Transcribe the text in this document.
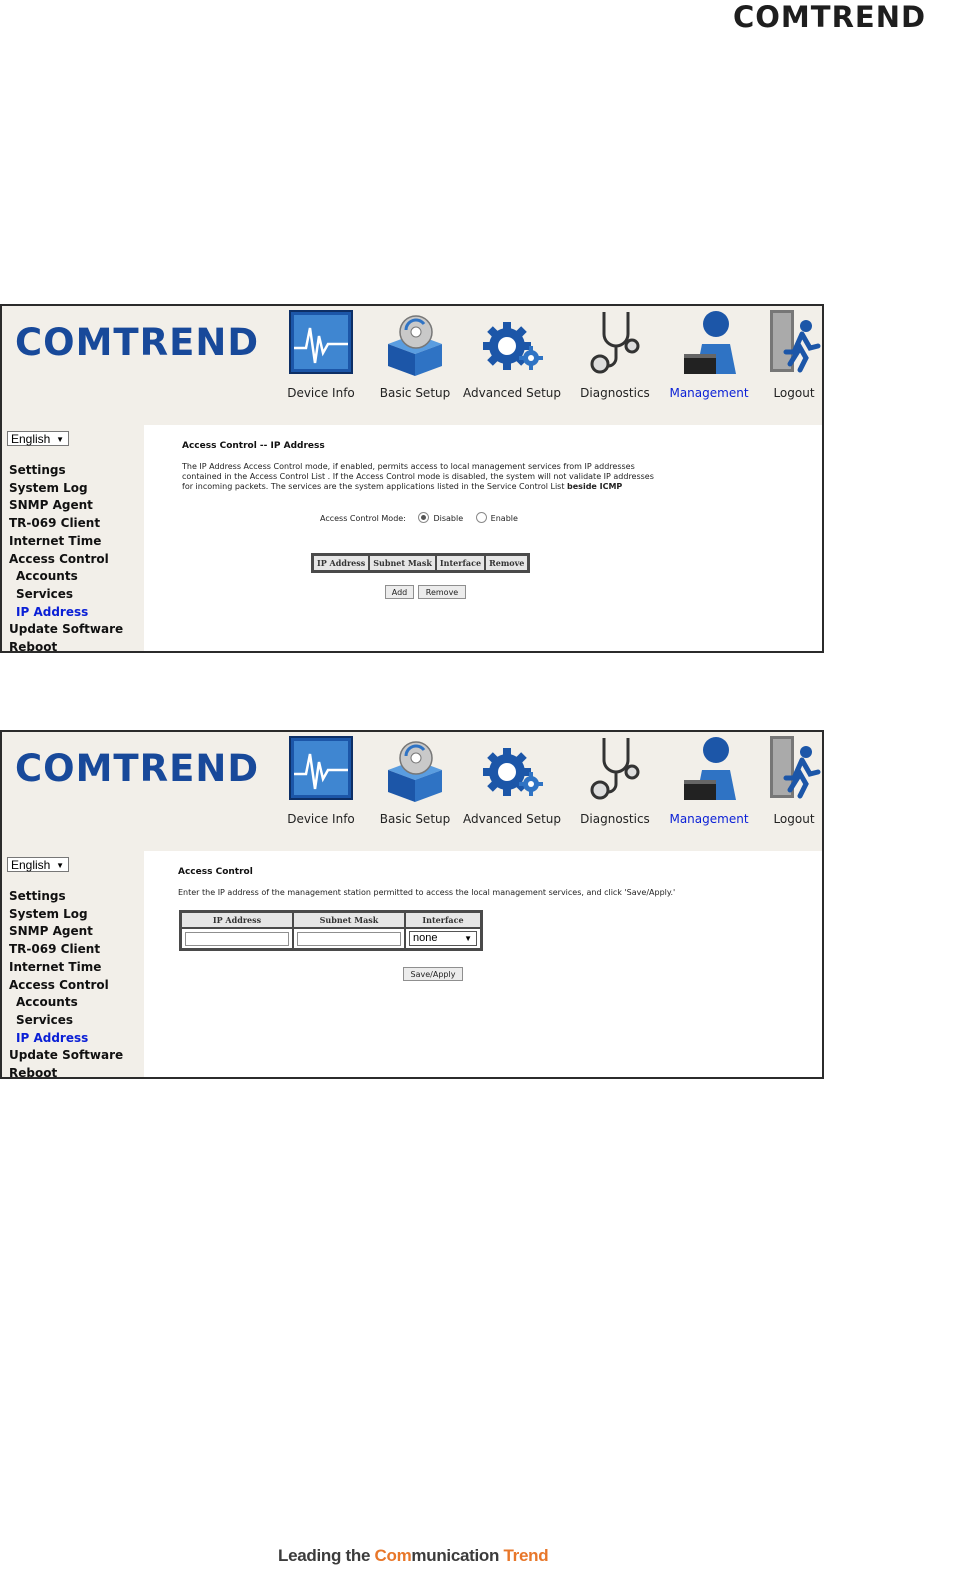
COMTREND
COMTREND
Device Info Basic Setup Advanced Setup Diagnostics Management	Logout
English ▼
Settings
System Log
SNMP Agent
TR-069 Client
Internet Time
Access Control
Accounts
Services
IP Address
Update Software
Reboot
Access Control -- IP Address
The IP Address Access Control mode, if enabled, permits access to local management services from IP addresses
contained in the Access Control List . If the Access Control mode is disabled, the system will not validate IP addresses
for incoming packets. The services are the system applications listed in the Service Control List beside ICMP
Access Control Mode:	Disable	Enable
IP Address	Subnet Mask	Interface	Remove
Add	Remove
COMTREND
Device Info Basic Setup Advanced Setup Diagnostics Management	Logout
English ▼
Settings
System Log
SNMP Agent
TR-069 Client
Internet Time
Access Control
Accounts
Services
IP Address
Update Software
Reboot
Access Control
Enter the IP address of the management station permitted to access the local management services, and click 'Save/Apply.'
IP Address	Subnet Mask	Interface

		none ▼
Save/Apply
Leading the Communication Trend
